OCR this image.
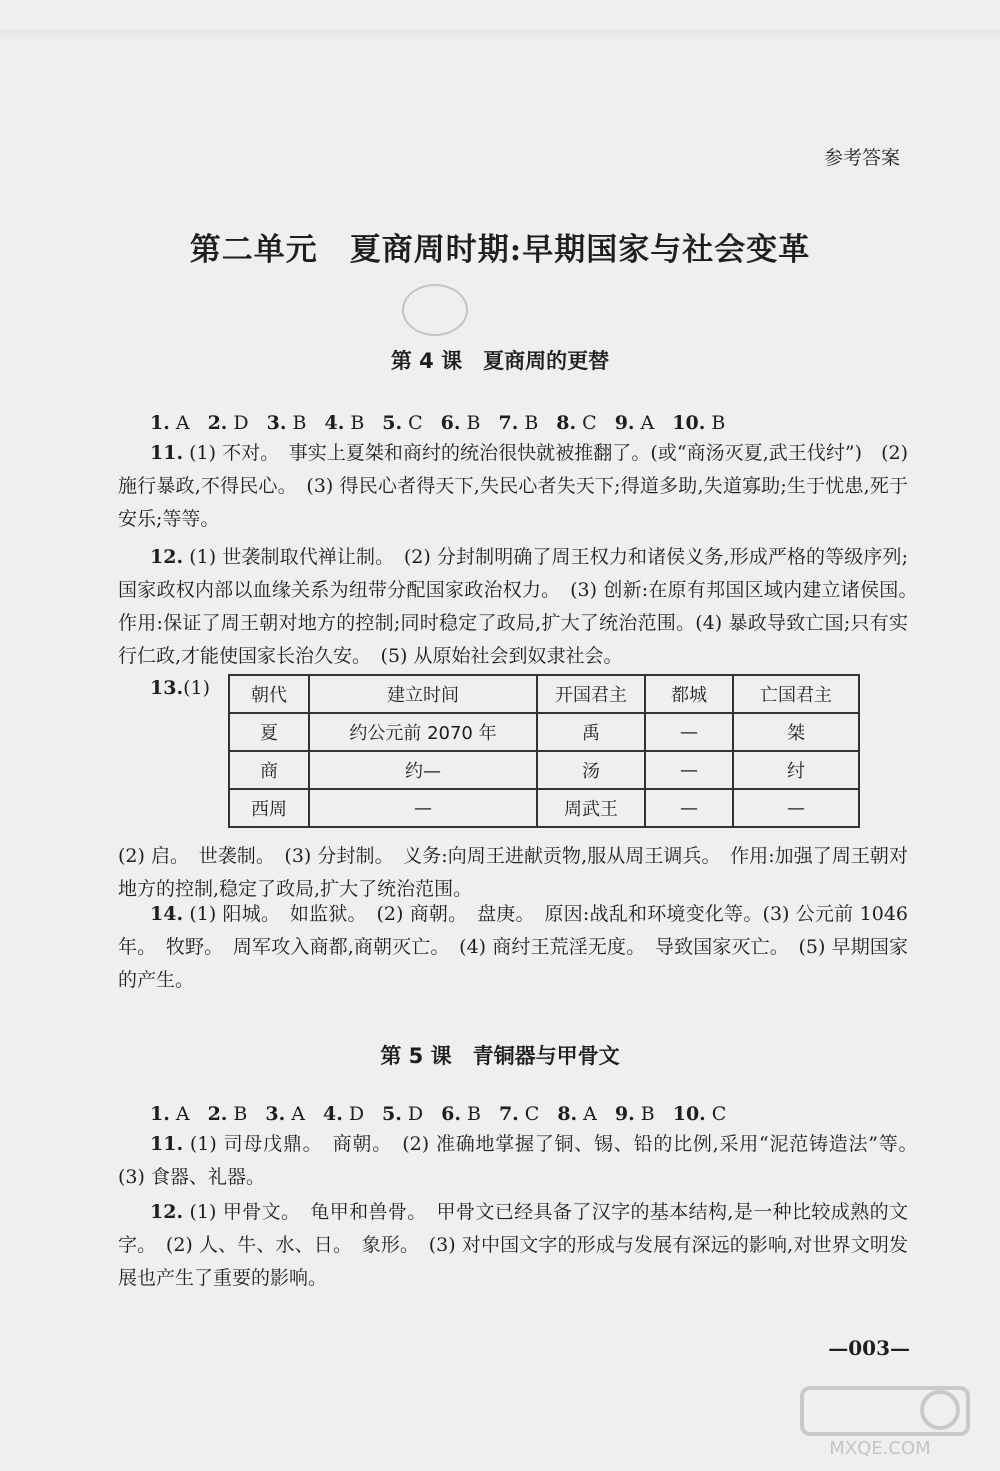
参考答案
第二单元　夏商周时期:早期国家与社会变革
第 4 课　夏商周的更替
1. A 2. D 3. B 4. B 5. C 6. B 7. B 8. C 9. A 10. B

11. (1) 不对。　事实上夏桀和商纣的统治很快就被推翻了。(或“商汤灭夏,武王伐纣”)　(2) 施行暴政,不得民心。　(3) 得民心者得天下,失民心者失天下;得道多助,失道寡助;生于忧患,死于安乐;等等。

12. (1) 世袭制取代禅让制。　(2) 分封制明确了周王权力和诸侯义务,形成严格的等级序列;国家政权内部以血缘关系为纽带分配国家政治权力。　(3) 创新:在原有邦国区域内建立诸侯国。　作用:保证了周王朝对地方的控制;同时稳定了政局,扩大了统治范围。(4) 暴政导致亡国;只有实行仁政,才能使国家长治久安。　(5) 从原始社会到奴隶社会。

13.(1) 朝代	建立时间	开国君主	都城	亡国君主
夏	约公元前 2070 年	禹	—	桀
商	约—	汤	—	纣
西周	—	周武王	—	—

(2) 启。　世袭制。　(3) 分封制。　义务:向周王进献贡物,服从周王调兵。　作用:加强了周王朝对地方的控制,稳定了政局,扩大了统治范围。

14. (1) 阳城。　如监狱。　(2) 商朝。　盘庚。　原因:战乱和环境变化等。(3) 公元前 1046 年。　牧野。　周军攻入商都,商朝灭亡。　(4) 商纣王荒淫无度。　导致国家灭亡。　(5) 早期国家的产生。

第 5 课　青铜器与甲骨文
1. A 2. B 3. A 4. D 5. D 6. B 7. C 8. A 9. B 10. C

11. (1) 司母戊鼎。　商朝。　(2) 准确地掌握了铜、锡、铅的比例,采用“泥范铸造法”等。　(3) 食器、礼器。

12. (1) 甲骨文。　龟甲和兽骨。　甲骨文已经具备了汉字的基本结构,是一种比较成熟的文字。　(2) 人、牛、水、日。　象形。　(3) 对中国文字的形成与发展有深远的影响,对世界文明发展也产生了重要的影响。

—003—
MXQE.COM
